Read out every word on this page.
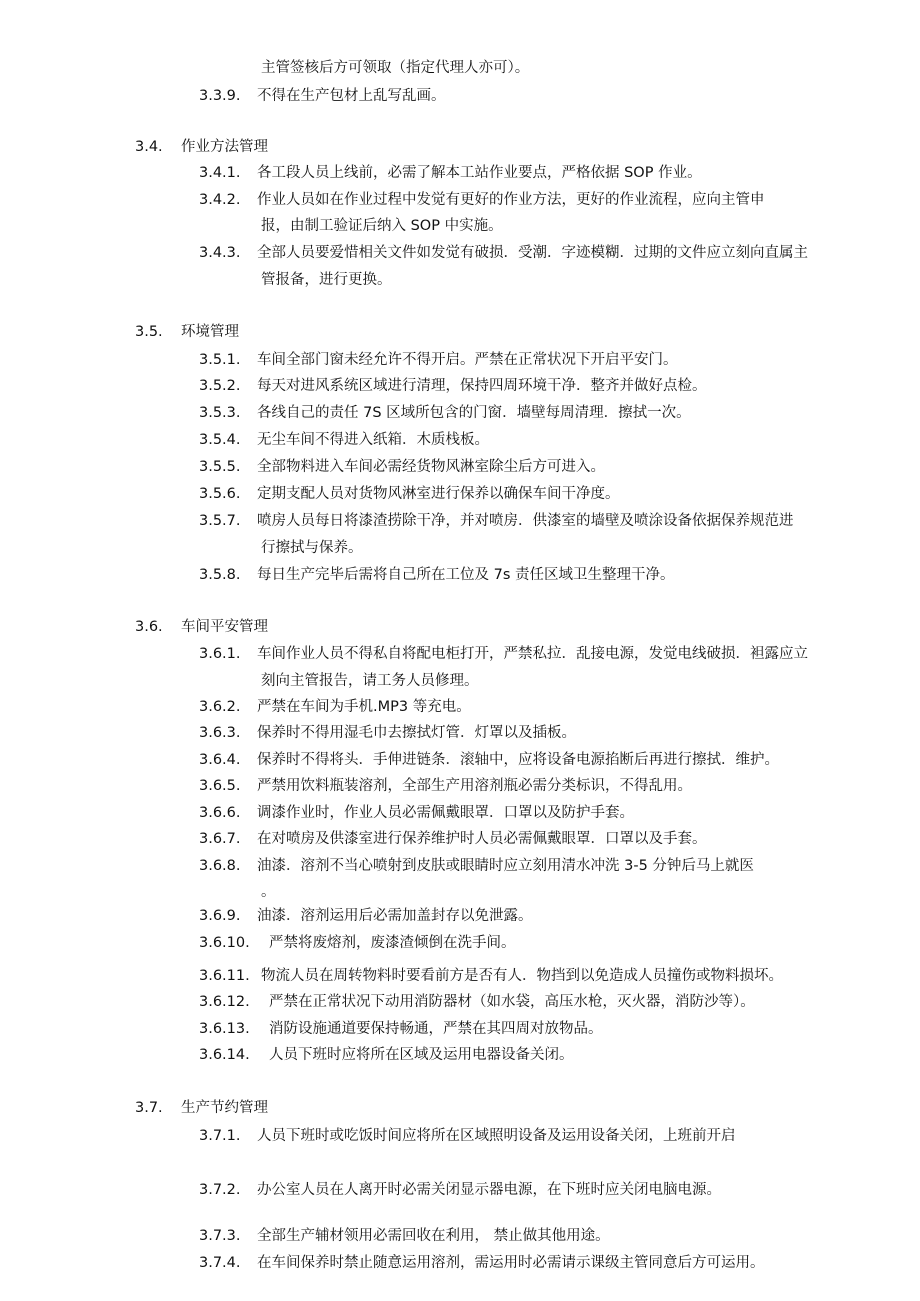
主管签核后方可领取（指定代理人亦可）。
3.3.9. 不得在生产包材上乱写乱画。
3.4. 作业方法管理
3.4.1. 各工段人员上线前，必需了解本工站作业要点，严格依据 SOP 作业。
3.4.2. 作业人员如在作业过程中发觉有更好的作业方法，更好的作业流程，应向主管申
报，由制工验证后纳入 SOP 中实施。
3.4.3. 全部人员要爱惜相关文件如发觉有破损．受潮．字迹模糊．过期的文件应立刻向直属主
管报备，进行更换。
3.5. 环境管理
3.5.1. 车间全部门窗未经允许不得开启。严禁在正常状况下开启平安门。
3.5.2. 每天对进风系统区域进行清理，保持四周环境干净．整齐并做好点检。
3.5.3. 各线自己的责任 7S 区域所包含的门窗．墙壁每周清理．擦拭一次。
3.5.4. 无尘车间不得进入纸箱．木质栈板。
3.5.5. 全部物料进入车间必需经货物风淋室除尘后方可进入。
3.5.6. 定期支配人员对货物风淋室进行保养以确保车间干净度。
3.5.7. 喷房人员每日将漆渣捞除干净，并对喷房．供漆室的墙壁及喷涂设备依据保养规范进
行擦拭与保养。
3.5.8. 每日生产完毕后需将自己所在工位及 7s 责任区域卫生整理干净。
3.6. 车间平安管理
3.6.1. 车间作业人员不得私自将配电柜打开，严禁私拉．乱接电源，发觉电线破损．袒露应立
刻向主管报告，请工务人员修理。
3.6.2. 严禁在车间为手机.MP3 等充电。
3.6.3. 保养时不得用湿毛巾去擦拭灯管．灯罩以及插板。
3.6.4. 保养时不得将头．手伸进链条．滚轴中，应将设备电源掐断后再进行擦拭．维护。
3.6.5. 严禁用饮料瓶装溶剂，全部生产用溶剂瓶必需分类标识，不得乱用。
3.6.6. 调漆作业时，作业人员必需佩戴眼罩．口罩以及防护手套。
3.6.7. 在对喷房及供漆室进行保养维护时人员必需佩戴眼罩．口罩以及手套。
3.6.8. 油漆．溶剂不当心喷射到皮肤或眼睛时应立刻用清水冲洗 3-5 分钟后马上就医
。
3.6.9. 油漆．溶剂运用后必需加盖封存以免泄露。
3.6.10. 严禁将废熔剂，废漆渣倾倒在洗手间。
3.6.11. 物流人员在周转物料时要看前方是否有人．物挡到以免造成人员撞伤或物料损坏。
3.6.12. 严禁在正常状况下动用消防器材（如水袋，高压水枪，灭火器，消防沙等）。
3.6.13. 消防设施通道要保持畅通，严禁在其四周对放物品。
3.6.14. 人员下班时应将所在区域及运用电器设备关闭。
3.7. 生产节约管理
3.7.1. 人员下班时或吃饭时间应将所在区域照明设备及运用设备关闭，上班前开启
3.7.2. 办公室人员在人离开时必需关闭显示器电源，在下班时应关闭电脑电源。
3.7.3. 全部生产辅材领用必需回收在利用， 禁止做其他用途。
3.7.4. 在车间保养时禁止随意运用溶剂，需运用时必需请示课级主管同意后方可运用。
